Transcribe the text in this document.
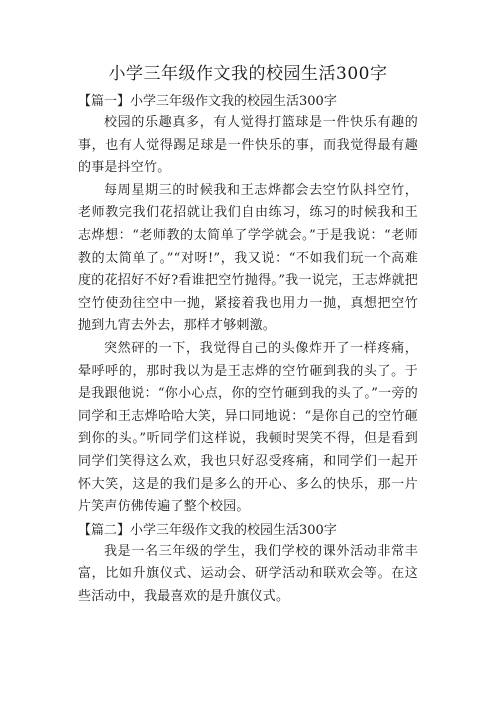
小学三年级作文我的校园生活300字

【篇一】小学三年级作文我的校园生活300字

校园的乐趣真多，有人觉得打篮球是一件快乐有趣的事，也有人觉得踢足球是一件快乐的事，而我觉得最有趣的事是抖空竹。

每周星期三的时候我和王志烨都会去空竹队抖空竹，老师教完我们花招就让我们自由练习，练习的时候我和王志烨想：“老师教的太简单了学学就会。”于是我说：“老师教的太简单了。”“对呀!”，我又说：“不如我们玩一个高难度的花招好不好?看谁把空竹抛得。”我一说完，王志烨就把空竹使劲往空中一抛，紧接着我也用力一抛，真想把空竹抛到九宵去外去，那样才够刺激。

突然砰的一下，我觉得自己的头像炸开了一样疼痛，晕呼呼的，那时我以为是王志烨的空竹砸到我的头了。于是我跟他说：“你小心点，你的空竹砸到我的头了。”一旁的同学和王志烨哈哈大笑，异口同地说：“是你自己的空竹砸到你的头。”听同学们这样说，我顿时哭笑不得，但是看到同学们笑得这么欢，我也只好忍受疼痛，和同学们一起开怀大笑，这是的我们是多么的开心、多么的快乐，那一片片笑声仿佛传遍了整个校园。

【篇二】小学三年级作文我的校园生活300字

我是一名三年级的学生，我们学校的课外活动非常丰富，比如升旗仪式、运动会、研学活动和联欢会等。在这些活动中，我最喜欢的是升旗仪式。
